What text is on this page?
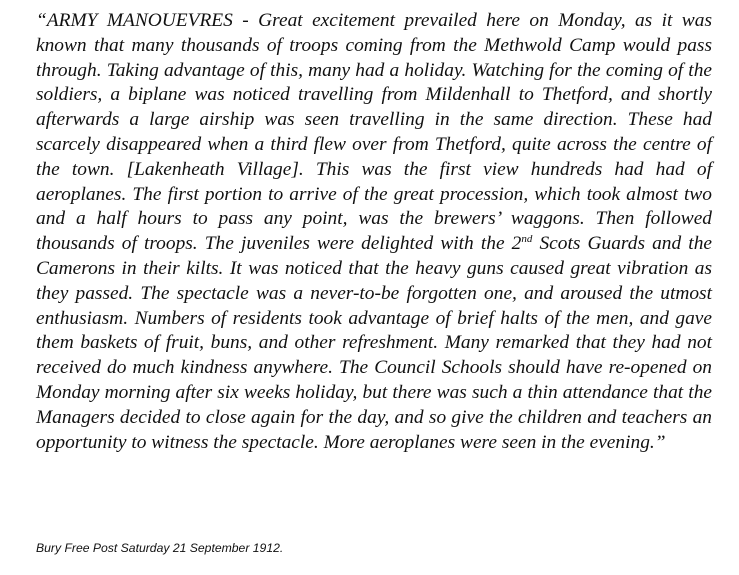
“ARMY MANOUEVRES - Great excitement prevailed here on Monday, as it was known that many thousands of troops coming from the Methwold Camp would pass through. Taking advantage of this, many had a holiday. Watching for the coming of the soldiers, a biplane was noticed travelling from Mildenhall to Thetford, and shortly afterwards a large airship was seen travelling in the same direction. These had scarcely disappeared when a third flew over from Thetford, quite across the centre of the town. [Lakenheath Village]. This was the first view hundreds had had of aeroplanes. The first portion to arrive of the great procession, which took almost two and a half hours to pass any point, was the brewers’ waggons. Then followed thousands of troops. The juveniles were delighted with the 2nd Scots Guards and the Camerons in their kilts. It was noticed that the heavy guns caused great vibration as they passed. The spectacle was a never-to-be forgotten one, and aroused the utmost enthusiasm. Numbers of residents took advantage of brief halts of the men, and gave them baskets of fruit, buns, and other refreshment. Many remarked that they had not received do much kindness anywhere. The Council Schools should have re-opened on Monday morning after six weeks holiday, but there was such a thin attendance that the Managers decided to close again for the day, and so give the children and teachers an opportunity to witness the spectacle. More aeroplanes were seen in the evening.”

Bury Free Post Saturday 21 September 1912.
